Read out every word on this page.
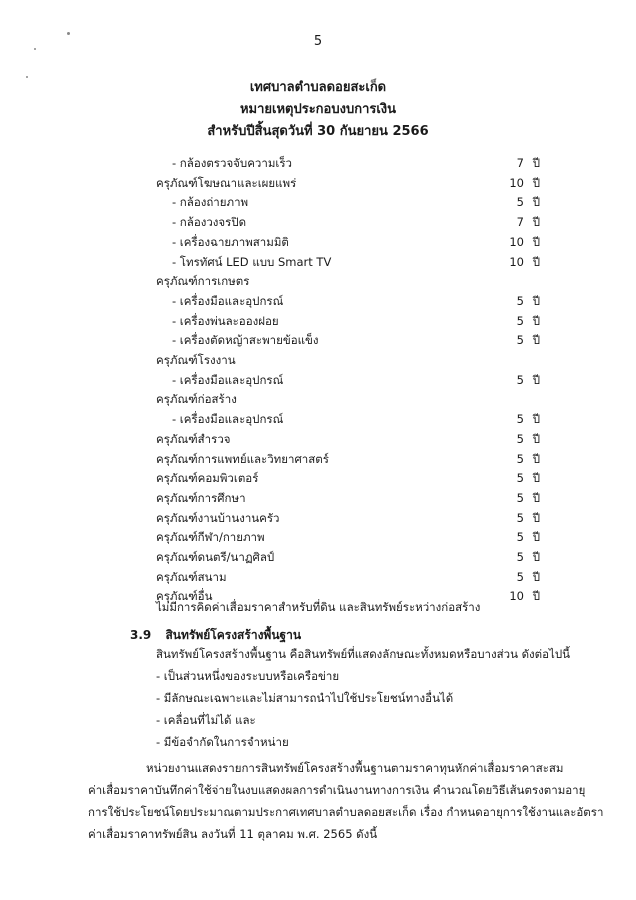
5
เทศบาลตำบลดอยสะเก็ด
หมายเหตุประกอบงบการเงิน
สำหรับปีสิ้นสุดวันที่ 30 กันยายน 2566
- กล้องตรวจจับความเร็ว	7 ปี
ครุภัณฑ์โฆษณาและเผยแพร่	10 ปี
- กล้องถ่ายภาพ	5 ปี
- กล้องวงจรปิด	7 ปี
- เครื่องฉายภาพสามมิติ	10 ปี
- โทรทัศน์ LED แบบ Smart TV	10 ปี
ครุภัณฑ์การเกษตร
- เครื่องมือและอุปกรณ์	5 ปี
- เครื่องพ่นละอองฝอย	5 ปี
- เครื่องตัดหญ้าสะพายข้อแข็ง	5 ปี
ครุภัณฑ์โรงงาน
- เครื่องมือและอุปกรณ์	5 ปี
ครุภัณฑ์ก่อสร้าง
- เครื่องมือและอุปกรณ์	5 ปี
ครุภัณฑ์สำรวจ	5 ปี
ครุภัณฑ์การแพทย์และวิทยาศาสตร์	5 ปี
ครุภัณฑ์คอมพิวเตอร์	5 ปี
ครุภัณฑ์การศึกษา	5 ปี
ครุภัณฑ์งานบ้านงานครัว	5 ปี
ครุภัณฑ์กีฬา/กายภาพ	5 ปี
ครุภัณฑ์ดนตรี/นาฏศิลป์	5 ปี
ครุภัณฑ์สนาม	5 ปี
ครุภัณฑ์อื่น	10 ปี
ไม่มีการคิดค่าเสื่อมราคาสำหรับที่ดิน และสินทรัพย์ระหว่างก่อสร้าง
3.9 สินทรัพย์โครงสร้างพื้นฐาน
สินทรัพย์โครงสร้างพื้นฐาน คือสินทรัพย์ที่แสดงลักษณะทั้งหมดหรือบางส่วน ดังต่อไปนี้
- เป็นส่วนหนึ่งของระบบหรือเครือข่าย
- มีลักษณะเฉพาะและไม่สามารถนำไปใช้ประโยชน์ทางอื่นได้
- เคลื่อนที่ไม่ได้ และ
- มีข้อจำกัดในการจำหน่าย
หน่วยงานแสดงรายการสินทรัพย์โครงสร้างพื้นฐานตามราคาทุนหักค่าเสื่อมราคาสะสม
ค่าเสื่อมราคาบันทึกค่าใช้จ่ายในงบแสดงผลการดำเนินงานทางการเงิน คำนวณโดยวิธีเส้นตรงตามอายุ
การใช้ประโยชน์โดยประมาณตามประกาศเทศบาลตำบลดอยสะเก็ด เรื่อง กำหนดอายุการใช้งานและอัตรา
ค่าเสื่อมราคาทรัพย์สิน ลงวันที่ 11 ตุลาคม พ.ศ. 2565 ดังนี้
